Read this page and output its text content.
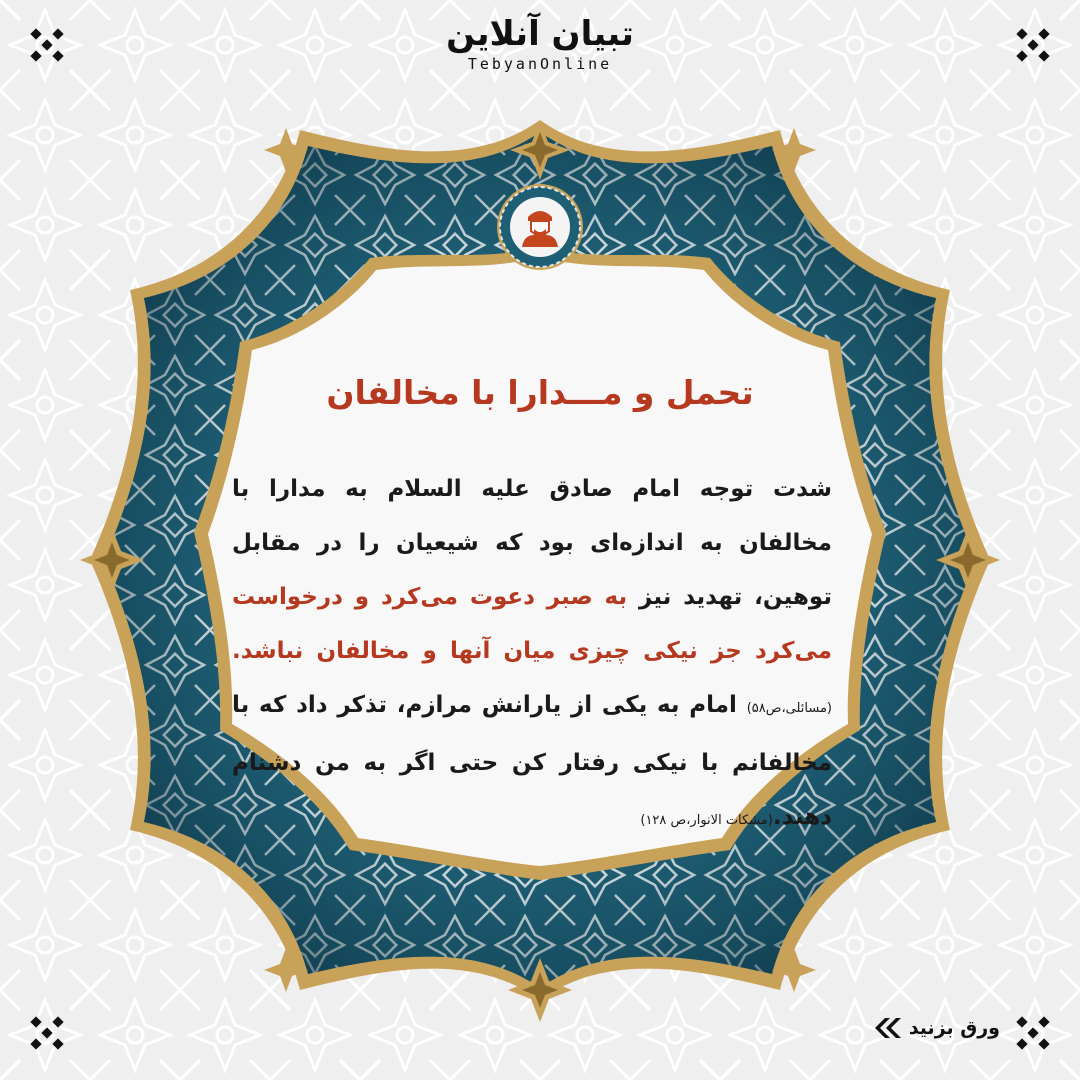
تبیان آنلاین
TebyanOnline
تحمل و مـــدارا با مخالفان
شدت توجه امام صادق علیه السلام به مدارا با مخالفان به اندازه‌ای بود که شیعیان را در مقابل توهین، تهدید نیز به صبر دعوت می‌کرد و درخواست می‌کرد جز نیکی چیزی میان آنها و مخالفان نباشد.(مسائلی،ص۵۸) امام به یکی از یارانش مرازم، تذکر داد که با مخالفانم با نیکی رفتار کن حتی اگر به من دشنام دهند.(مشکات الانوار،ص ۱۲۸)
ورق بزنید
